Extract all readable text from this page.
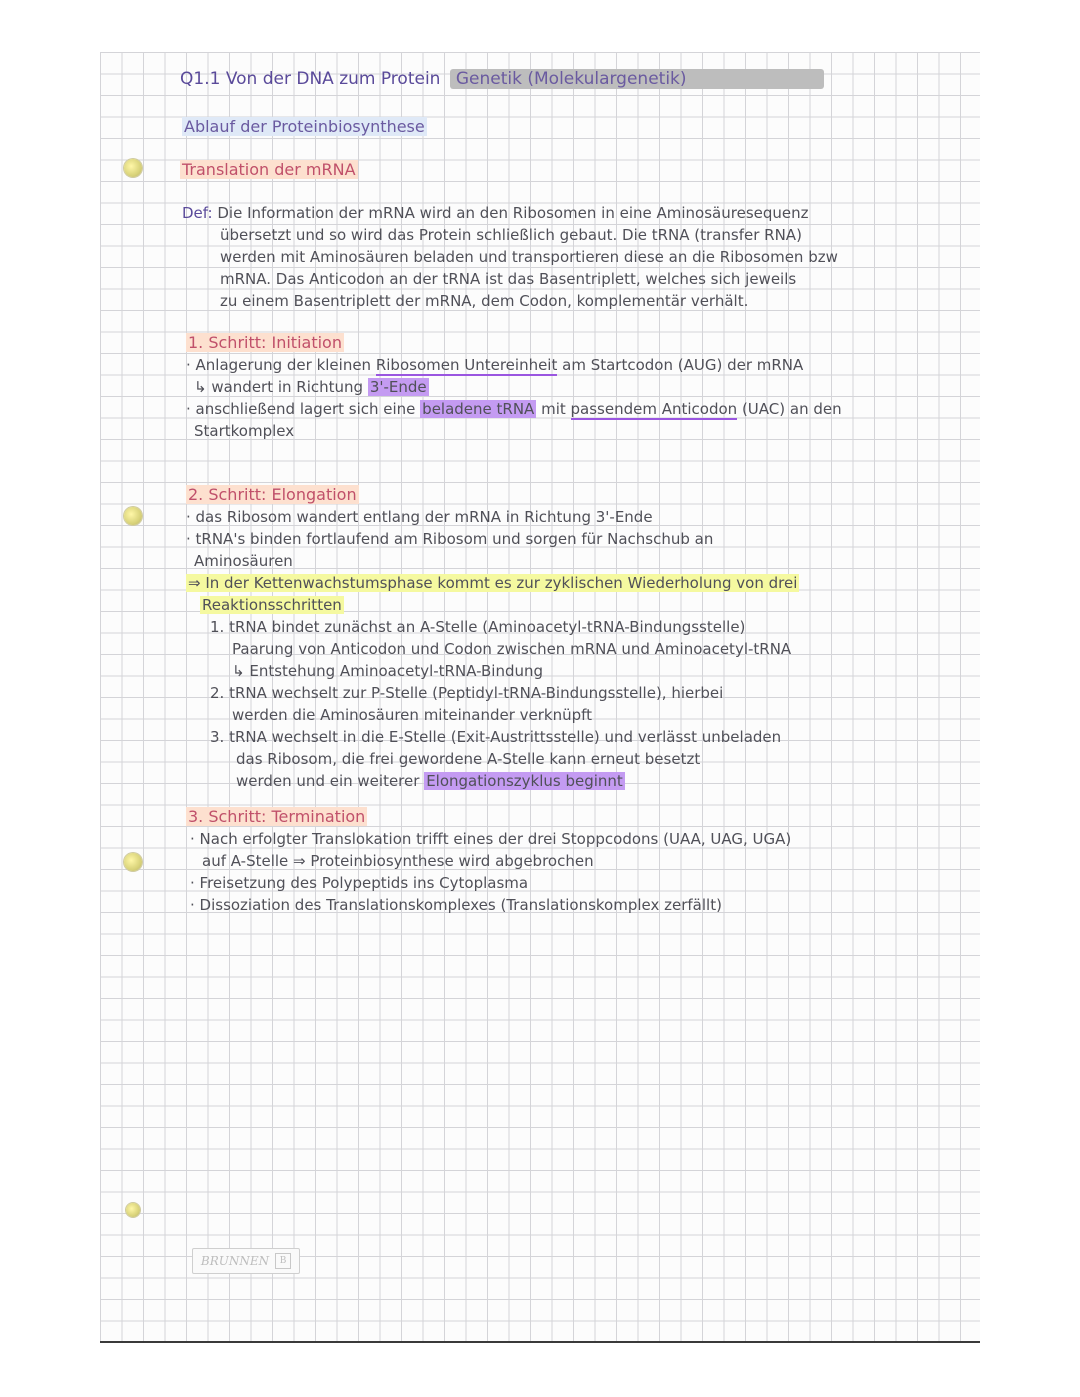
Q1.1 Von der DNA zum Protein Genetik (Molekulargenetik)
Ablauf der Proteinbiosynthese
Translation der mRNA
Def: Die Information der mRNA wird an den Ribosomen in eine Aminosäuresequenz
übersetzt und so wird das Protein schließlich gebaut. Die tRNA (transfer RNA)
werden mit Aminosäuren beladen und transportieren diese an die Ribosomen bzw
mRNA. Das Anticodon an der tRNA ist das Basentriplett, welches sich jeweils
zu einem Basentriplett der mRNA, dem Codon, komplementär verhält.
1. Schritt: Initiation
· Anlagerung der kleinen Ribosomen Untereinheit am Startcodon (AUG) der mRNA
↳ wandert in Richtung 3'-Ende
· anschließend lagert sich eine beladene tRNA mit passendem Anticodon (UAC) an den
Startkomplex
2. Schritt: Elongation
· das Ribosom wandert entlang der mRNA in Richtung 3'-Ende
· tRNA's binden fortlaufend am Ribosom und sorgen für Nachschub an
Aminosäuren
⇒ In der Kettenwachstumsphase kommt es zur zyklischen Wiederholung von drei
Reaktionsschritten
1. tRNA bindet zunächst an A-Stelle (Aminoacetyl-tRNA-Bindungsstelle)
Paarung von Anticodon und Codon zwischen mRNA und Aminoacetyl-tRNA
↳ Entstehung Aminoacetyl-tRNA-Bindung
2. tRNA wechselt zur P-Stelle (Peptidyl-tRNA-Bindungsstelle), hierbei
werden die Aminosäuren miteinander verknüpft
3. tRNA wechselt in die E-Stelle (Exit-Austrittsstelle) und verlässt unbeladen
das Ribosom, die frei gewordene A-Stelle kann erneut besetzt
werden und ein weiterer Elongationszyklus beginnt
3. Schritt: Termination
· Nach erfolgter Translokation trifft eines der drei Stoppcodons (UAA, UAG, UGA)
auf A-Stelle ⇒ Proteinbiosynthese wird abgebrochen
· Freisetzung des Polypeptids ins Cytoplasma
· Dissoziation des Translationskomplexes (Translationskomplex zerfällt)
BRUNNEN	B
